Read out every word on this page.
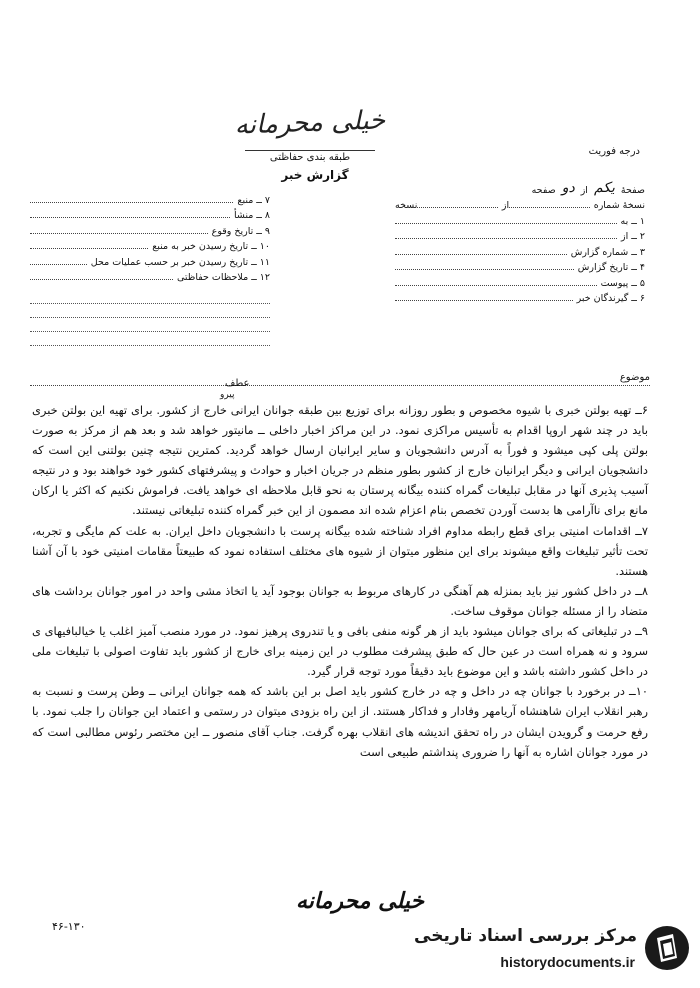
خیلی محرمانه
طبقه بندی حفاظتی
گزارش خبر
درجه فوریت
صفحهٔ
یکم
از
دو
صفحه
نسخهٔ شماره
از
نسخه
۱ ــ به
۲ ــ از
۳ ــ شماره گزارش
۴ ــ تاریخ گزارش
۵ ــ پیوست
۶ ــ گیرندگان خبر
۷ ــ منبع
۸ ــ منشأ
۹ ــ تاریخ وقوع
۱۰ ــ تاریخ رسیدن خبر به منبع
۱۱ ــ تاریخ رسیدن خبر بر حسب عملیات محل
۱۲ ــ ملاحظات حفاظتی
موضوع
عطف
پیرو

۶ــ تهیه بولتن خبری با شیوه مخصوص و بطور روزانه برای توزیع بین طبقه جوانان ایرانی خارج از کشور. برای تهیه این بولتن خبری باید در چند شهر اروپا اقدام به تأسیس مراکزی نمود. در این مراکز اخبار داخلی ــ مانیتور خواهد شد و بعد هم از مرکز به صورت بولتن پلی کپی میشود و فوراً به آدرس دانشجویان و سایر ایرانیان ارسال خواهد گردید. کمترین نتیجه چنین بولتنی این است که دانشجویان ایرانی و دیگر ایرانیان خارج از کشور بطور منظم در جریان اخبار و حوادث و پیشرفتهای کشور خود خواهند بود و در نتیجه آسیب پذیری آنها در مقابل تبلیغات گمراه کننده بیگانه پرستان به نحو قابل ملاحظه ای خواهد یافت. فراموش نکنیم که اکثر یا ارکان مانع برای ناآرامی ها بدست آوردن تخصص بنام اعزام شده اند مصمون از این خبر گمراه کننده تبلیغاتی نیستند.

۷ــ اقدامات امنیتی برای قطع رابطه مداوم افراد شناخته شده بیگانه پرست با دانشجویان داخل ایران. به علت کم مایگی و تجربه، تحت تأثیر تبلیغات واقع میشوند برای این منظور میتوان از شیوه های مختلف استفاده نمود که طبیعتاً مقامات امنیتی خود با آن آشنا هستند.

۸ــ در داخل کشور نیز باید بمنزله هم آهنگی در کارهای مربوط به جوانان بوجود آید یا اتخاذ مشی واحد در امور جوانان برداشت های متضاد را از مسئله جوانان موقوف ساخت.

۹ــ در تبلیغاتی که برای جوانان میشود باید از هر گونه منفی بافی و یا تندروی پرهیز نمود. در مورد منصب آمیز اغلب یا خیالبافیهای ی سرود و نه همراه است در عین حال که طبق پیشرفت مطلوب در این زمینه برای خارج از کشور باید تفاوت اصولی با تبلیغات ملی در داخل کشور داشته باشد و این موضوع باید دقیقاً مورد توجه قرار گیرد.

۱۰ــ در برخورد با جوانان چه در داخل و چه در خارج کشور باید اصل بر این باشد که همه جوانان ایرانی ــ وطن پرست و نسبت به رهبر انقلاب ایران شاهنشاه آریامهر وفادار و فداکار هستند. از این راه بزودی میتوان در رستمی و اعتماد این جوانان را جلب نمود. با رفع حرمت و گرویدن ایشان در راه تحقق اندیشه های انقلاب بهره گرفت. جناب آقای منصور ــ این مختصر رئوس مطالبی است که در مورد جوانان اشاره به آنها را ضروری پنداشتم طبیعی است

خیلی محرمانه
۴۶-۱۳۰	مرکز بررسی اسناد تاریخی
historydocuments.ir
